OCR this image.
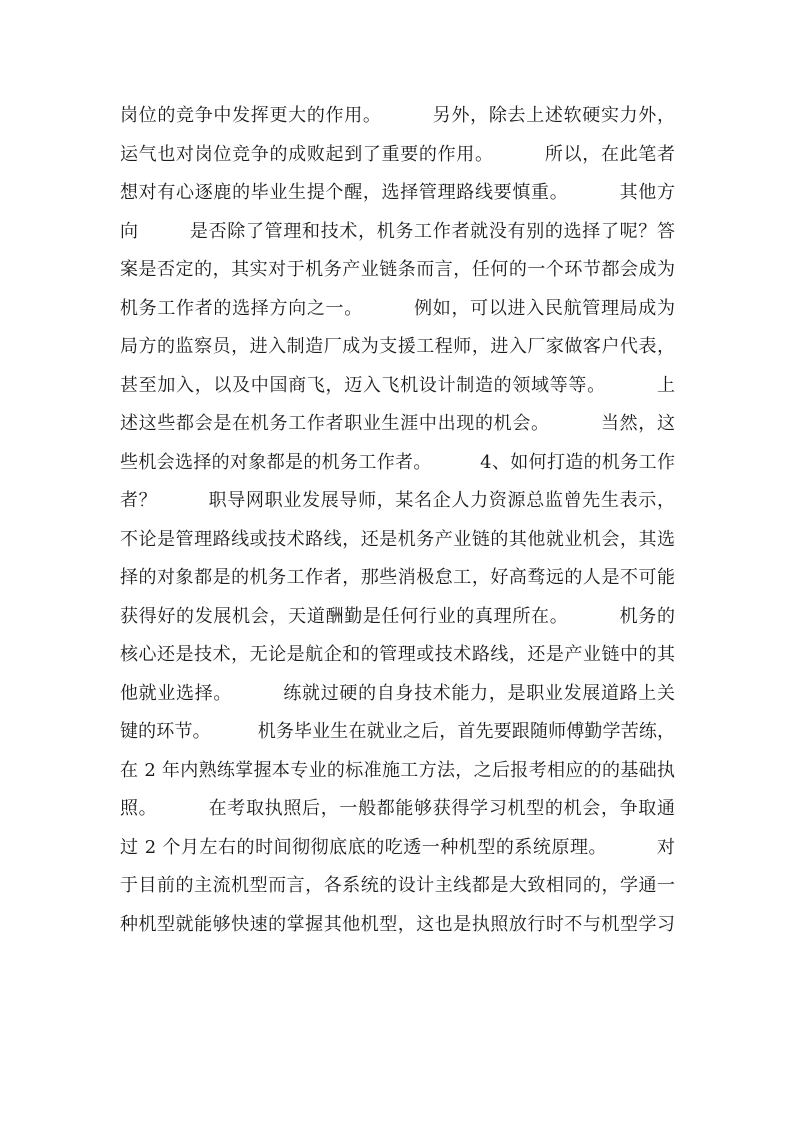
岗位的竞争中发挥更大的作用。        另外，除去上述软硬实力外，
运气也对岗位竞争的成败起到了重要的作用。        所以，在此笔者
想对有心逐鹿的毕业生提个醒，选择管理路线要慎重。        其他方
向        是否除了管理和技术，机务工作者就没有别的选择了呢？答
案是否定的，其实对于机务产业链条而言，任何的一个环节都会成为
机务工作者的选择方向之一。        例如，可以进入民航管理局成为
局方的监察员，进入制造厂成为支援工程师，进入厂家做客户代表，
甚至加入，以及中国商飞，迈入飞机设计制造的领域等等。        上
述这些都会是在机务工作者职业生涯中出现的机会。        当然，这
些机会选择的对象都是的机务工作者。        4、如何打造的机务工作
者？        职导网职业发展导师，某名企人力资源总监曾先生表示，
不论是管理路线或技术路线，还是机务产业链的其他就业机会，其选
择的对象都是的机务工作者，那些消极怠工，好高骛远的人是不可能
获得好的发展机会，天道酬勤是任何行业的真理所在。        机务的
核心还是技术，无论是航企和的管理或技术路线，还是产业链中的其
他就业选择。        练就过硬的自身技术能力，是职业发展道路上关
键的环节。        机务毕业生在就业之后，首先要跟随师傅勤学苦练，
在 2 年内熟练掌握本专业的标准施工方法，之后报考相应的的基础执
照。        在考取执照后，一般都能够获得学习机型的机会，争取通
过 2 个月左右的时间彻彻底底的吃透一种机型的系统原理。        对
于目前的主流机型而言，各系统的设计主线都是大致相同的，学通一
种机型就能够快速的掌握其他机型，这也是执照放行时不与机型学习
